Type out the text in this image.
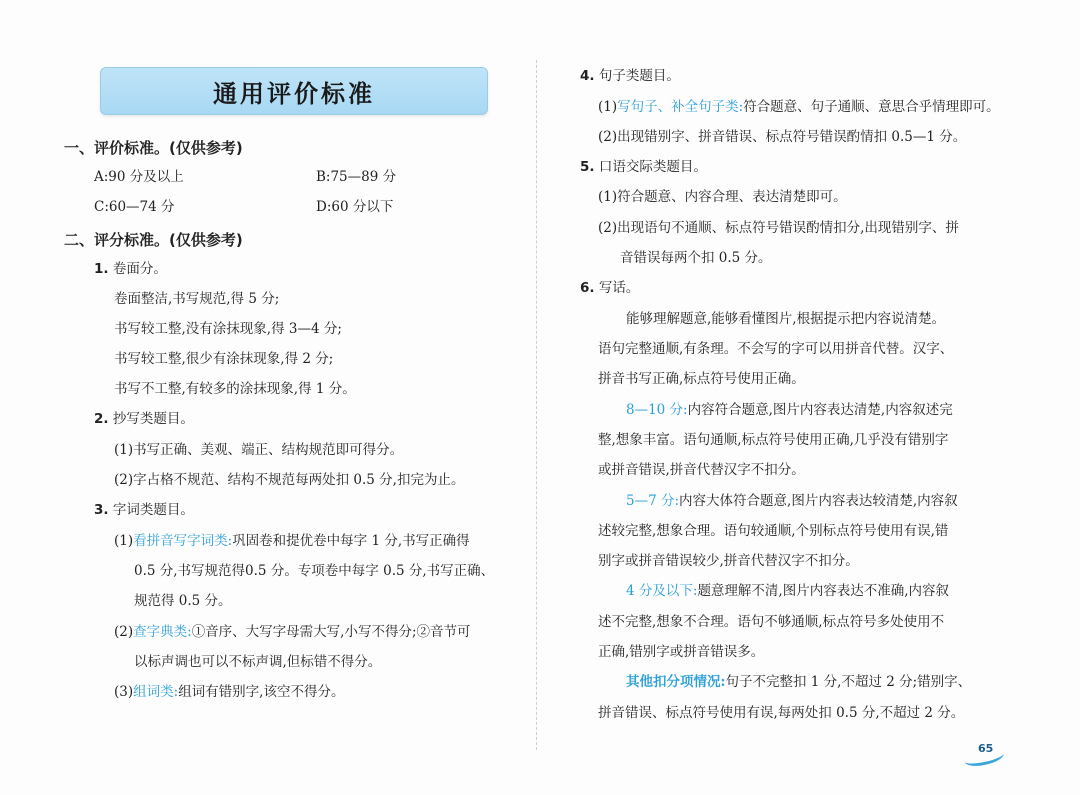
通用评价标准
一、评价标准。(仅供参考)
A:90 分及以上	B:75—89 分
C:60—74 分	D:60 分以下
二、评分标准。(仅供参考)
1. 卷面分。
卷面整洁,书写规范,得 5 分;
书写较工整,没有涂抹现象,得 3—4 分;
书写较工整,很少有涂抹现象,得 2 分;
书写不工整,有较多的涂抹现象,得 1 分。
2. 抄写类题目。
(1)书写正确、美观、端正、结构规范即可得分。
(2)字占格不规范、结构不规范每两处扣 0.5 分,扣完为止。
3. 字词类题目。
(1)看拼音写字词类:巩固卷和提优卷中每字 1 分,书写正确得
0.5 分,书写规范得0.5 分。专项卷中每字 0.5 分,书写正确、
规范得 0.5 分。
(2)查字典类:①音序、大写字母需大写,小写不得分;②音节可
以标声调也可以不标声调,但标错不得分。
(3)组词类:组词有错别字,该空不得分。
4. 句子类题目。
(1)写句子、补全句子类:符合题意、句子通顺、意思合乎情理即可。
(2)出现错别字、拼音错误、标点符号错误酌情扣 0.5—1 分。
5. 口语交际类题目。
(1)符合题意、内容合理、表达清楚即可。
(2)出现语句不通顺、标点符号错误酌情扣分,出现错别字、拼
音错误每两个扣 0.5 分。
6. 写话。
能够理解题意,能够看懂图片,根据提示把内容说清楚。
语句完整通顺,有条理。不会写的字可以用拼音代替。汉字、
拼音书写正确,标点符号使用正确。
8—10 分:内容符合题意,图片内容表达清楚,内容叙述完
整,想象丰富。语句通顺,标点符号使用正确,几乎没有错别字
或拼音错误,拼音代替汉字不扣分。
5—7 分:内容大体符合题意,图片内容表达较清楚,内容叙
述较完整,想象合理。语句较通顺,个别标点符号使用有误,错
别字或拼音错误较少,拼音代替汉字不扣分。
4 分及以下:题意理解不清,图片内容表达不准确,内容叙
述不完整,想象不合理。语句不够通顺,标点符号多处使用不
正确,错别字或拼音错误多。
其他扣分项情况:句子不完整扣 1 分,不超过 2 分;错别字、
拼音错误、标点符号使用有误,每两处扣 0.5 分,不超过 2 分。
65
